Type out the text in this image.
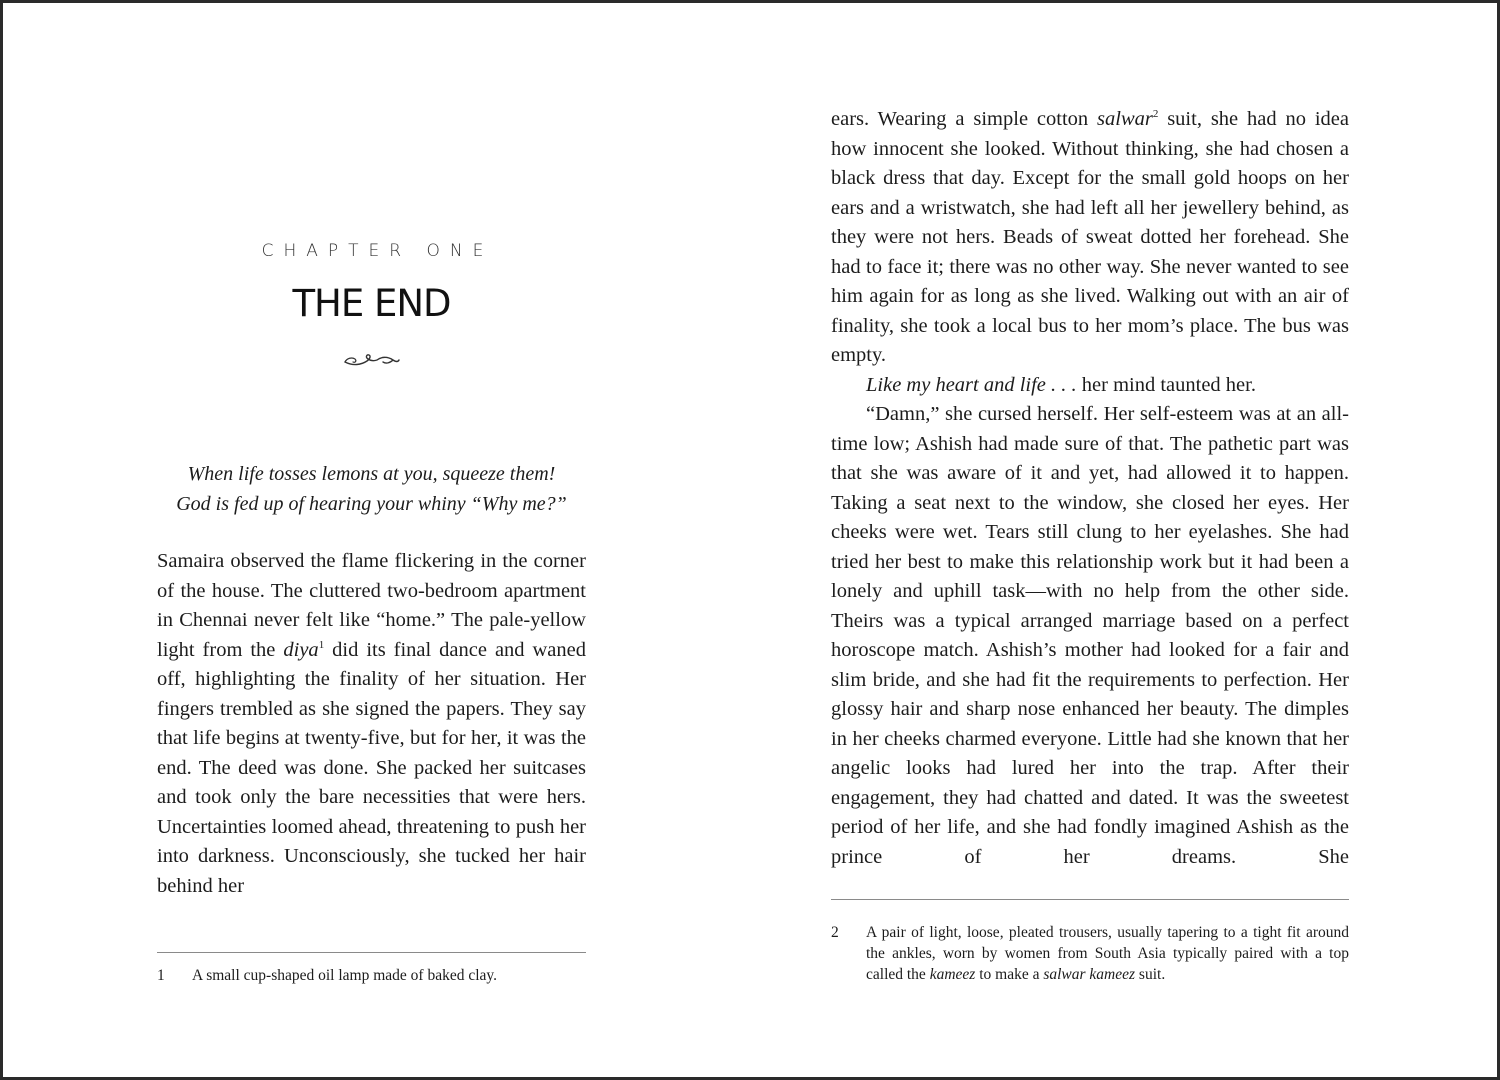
CHAPTER ONE
THE END
When life tosses lemons at you, squeeze them!
God is fed up of hearing your whiny “Why me?”

Samaira observed the flame flickering in the corner of the house. The cluttered two-bedroom apartment in Chennai never felt like “home.” The pale-yellow light from the diya$^1$ did its final dance and waned off, highlighting the finality of her situation. Her fingers trembled as she signed the papers. They say that life begins at twenty-five, but for her, it was the end. The deed was done. She packed her suitcases and took only the bare necessities that were hers. Uncertainties loomed ahead, threatening to push her into darkness. Unconsciously, she tucked her hair behind her

1	A small cup-shaped oil lamp made of baked clay.

ears. Wearing a simple cotton salwar$^2$ suit, she had no idea how innocent she looked. Without thinking, she had chosen a black dress that day. Except for the small gold hoops on her ears and a wristwatch, she had left all her jewellery behind, as they were not hers. Beads of sweat dotted her forehead. She had to face it; there was no other way. She never wanted to see him again for as long as she lived. Walking out with an air of finality, she took a local bus to her mom’s place. The bus was empty.

Like my heart and life . . . her mind taunted her.

“Damn,” she cursed herself. Her self-esteem was at an all-time low; Ashish had made sure of that. The pathetic part was that she was aware of it and yet, had allowed it to happen. Taking a seat next to the window, she closed her eyes. Her cheeks were wet. Tears still clung to her eyelashes. She had tried her best to make this relationship work but it had been a lonely and uphill task—with no help from the other side. Theirs was a typical arranged marriage based on a perfect horoscope match. Ashish’s mother had looked for a fair and slim bride, and she had fit the requirements to perfection. Her glossy hair and sharp nose enhanced her beauty. The dimples in her cheeks charmed everyone. Little had she known that her angelic looks had lured her into the trap. After their engagement, they had chatted and dated. It was the sweetest period of her life, and she had fondly imagined Ashish as the prince of her dreams. She

2	A pair of light, loose, pleated trousers, usually tapering to a tight fit around the ankles, worn by women from South Asia typically paired with a top called the kameez to make a salwar kameez suit.
